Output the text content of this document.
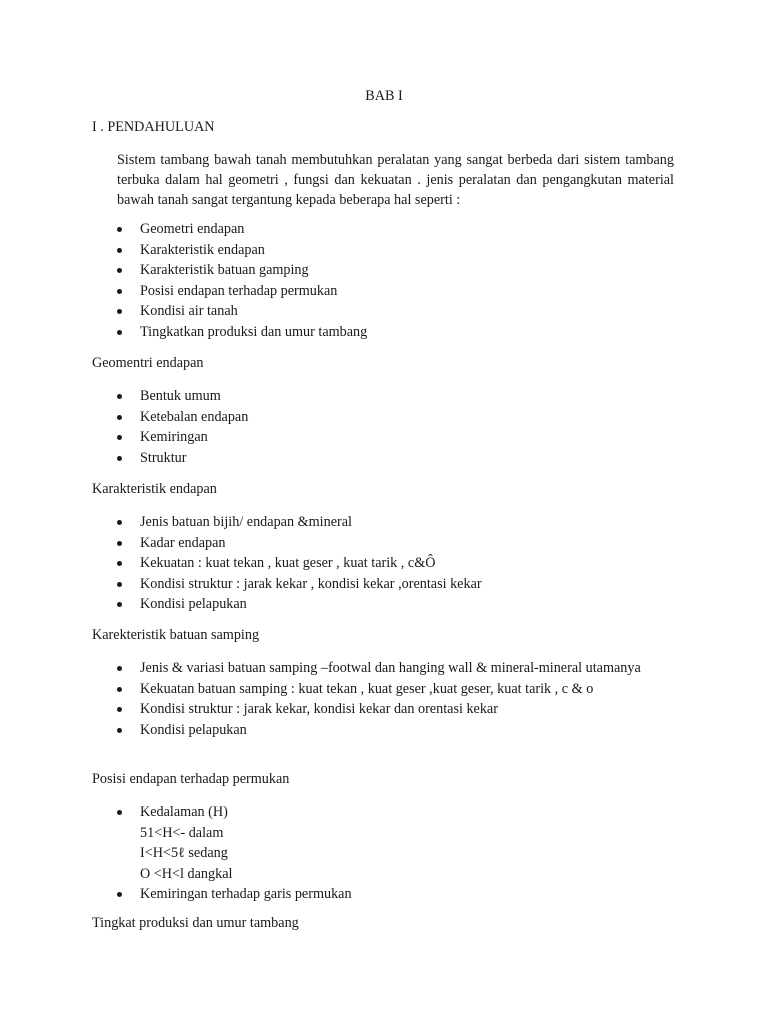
BAB I
I . PENDAHULUAN

Sistem tambang bawah tanah membutuhkan peralatan yang sangat berbeda dari sistem tambang terbuka dalam hal geometri , fungsi dan kekuatan . jenis peralatan dan pengangkutan material bawah tanah sangat tergantung kepada beberapa hal seperti :

Geometri endapan
Karakteristik endapan
Karakteristik batuan gamping
Posisi endapan terhadap permukan
Kondisi air tanah
Tingkatkan produksi dan umur tambang
Geomentri endapan
Bentuk umum
Ketebalan endapan
Kemiringan
Struktur
Karakteristik endapan
Jenis batuan bijih/ endapan &mineral
Kadar endapan
Kekuatan : kuat tekan , kuat geser , kuat tarik , c&Ô
Kondisi struktur : jarak kekar , kondisi kekar ,orentasi kekar
Kondisi pelapukan
Karekteristik batuan samping
Jenis & variasi batuan samping –footwal dan hanging wall & mineral-mineral utamanya
Kekuatan batuan samping : kuat tekan , kuat geser ,kuat geser, kuat tarik , c & o
Kondisi struktur : jarak kekar, kondisi kekar dan orentasi kekar
Kondisi pelapukan
Posisi endapan terhadap permukan
Kedalaman (H)
51<H<- dalam
I<H<5ℓ sedang
O <H<l dangkal
Kemiringan terhadap garis permukan
Tingkat produksi dan umur tambang
